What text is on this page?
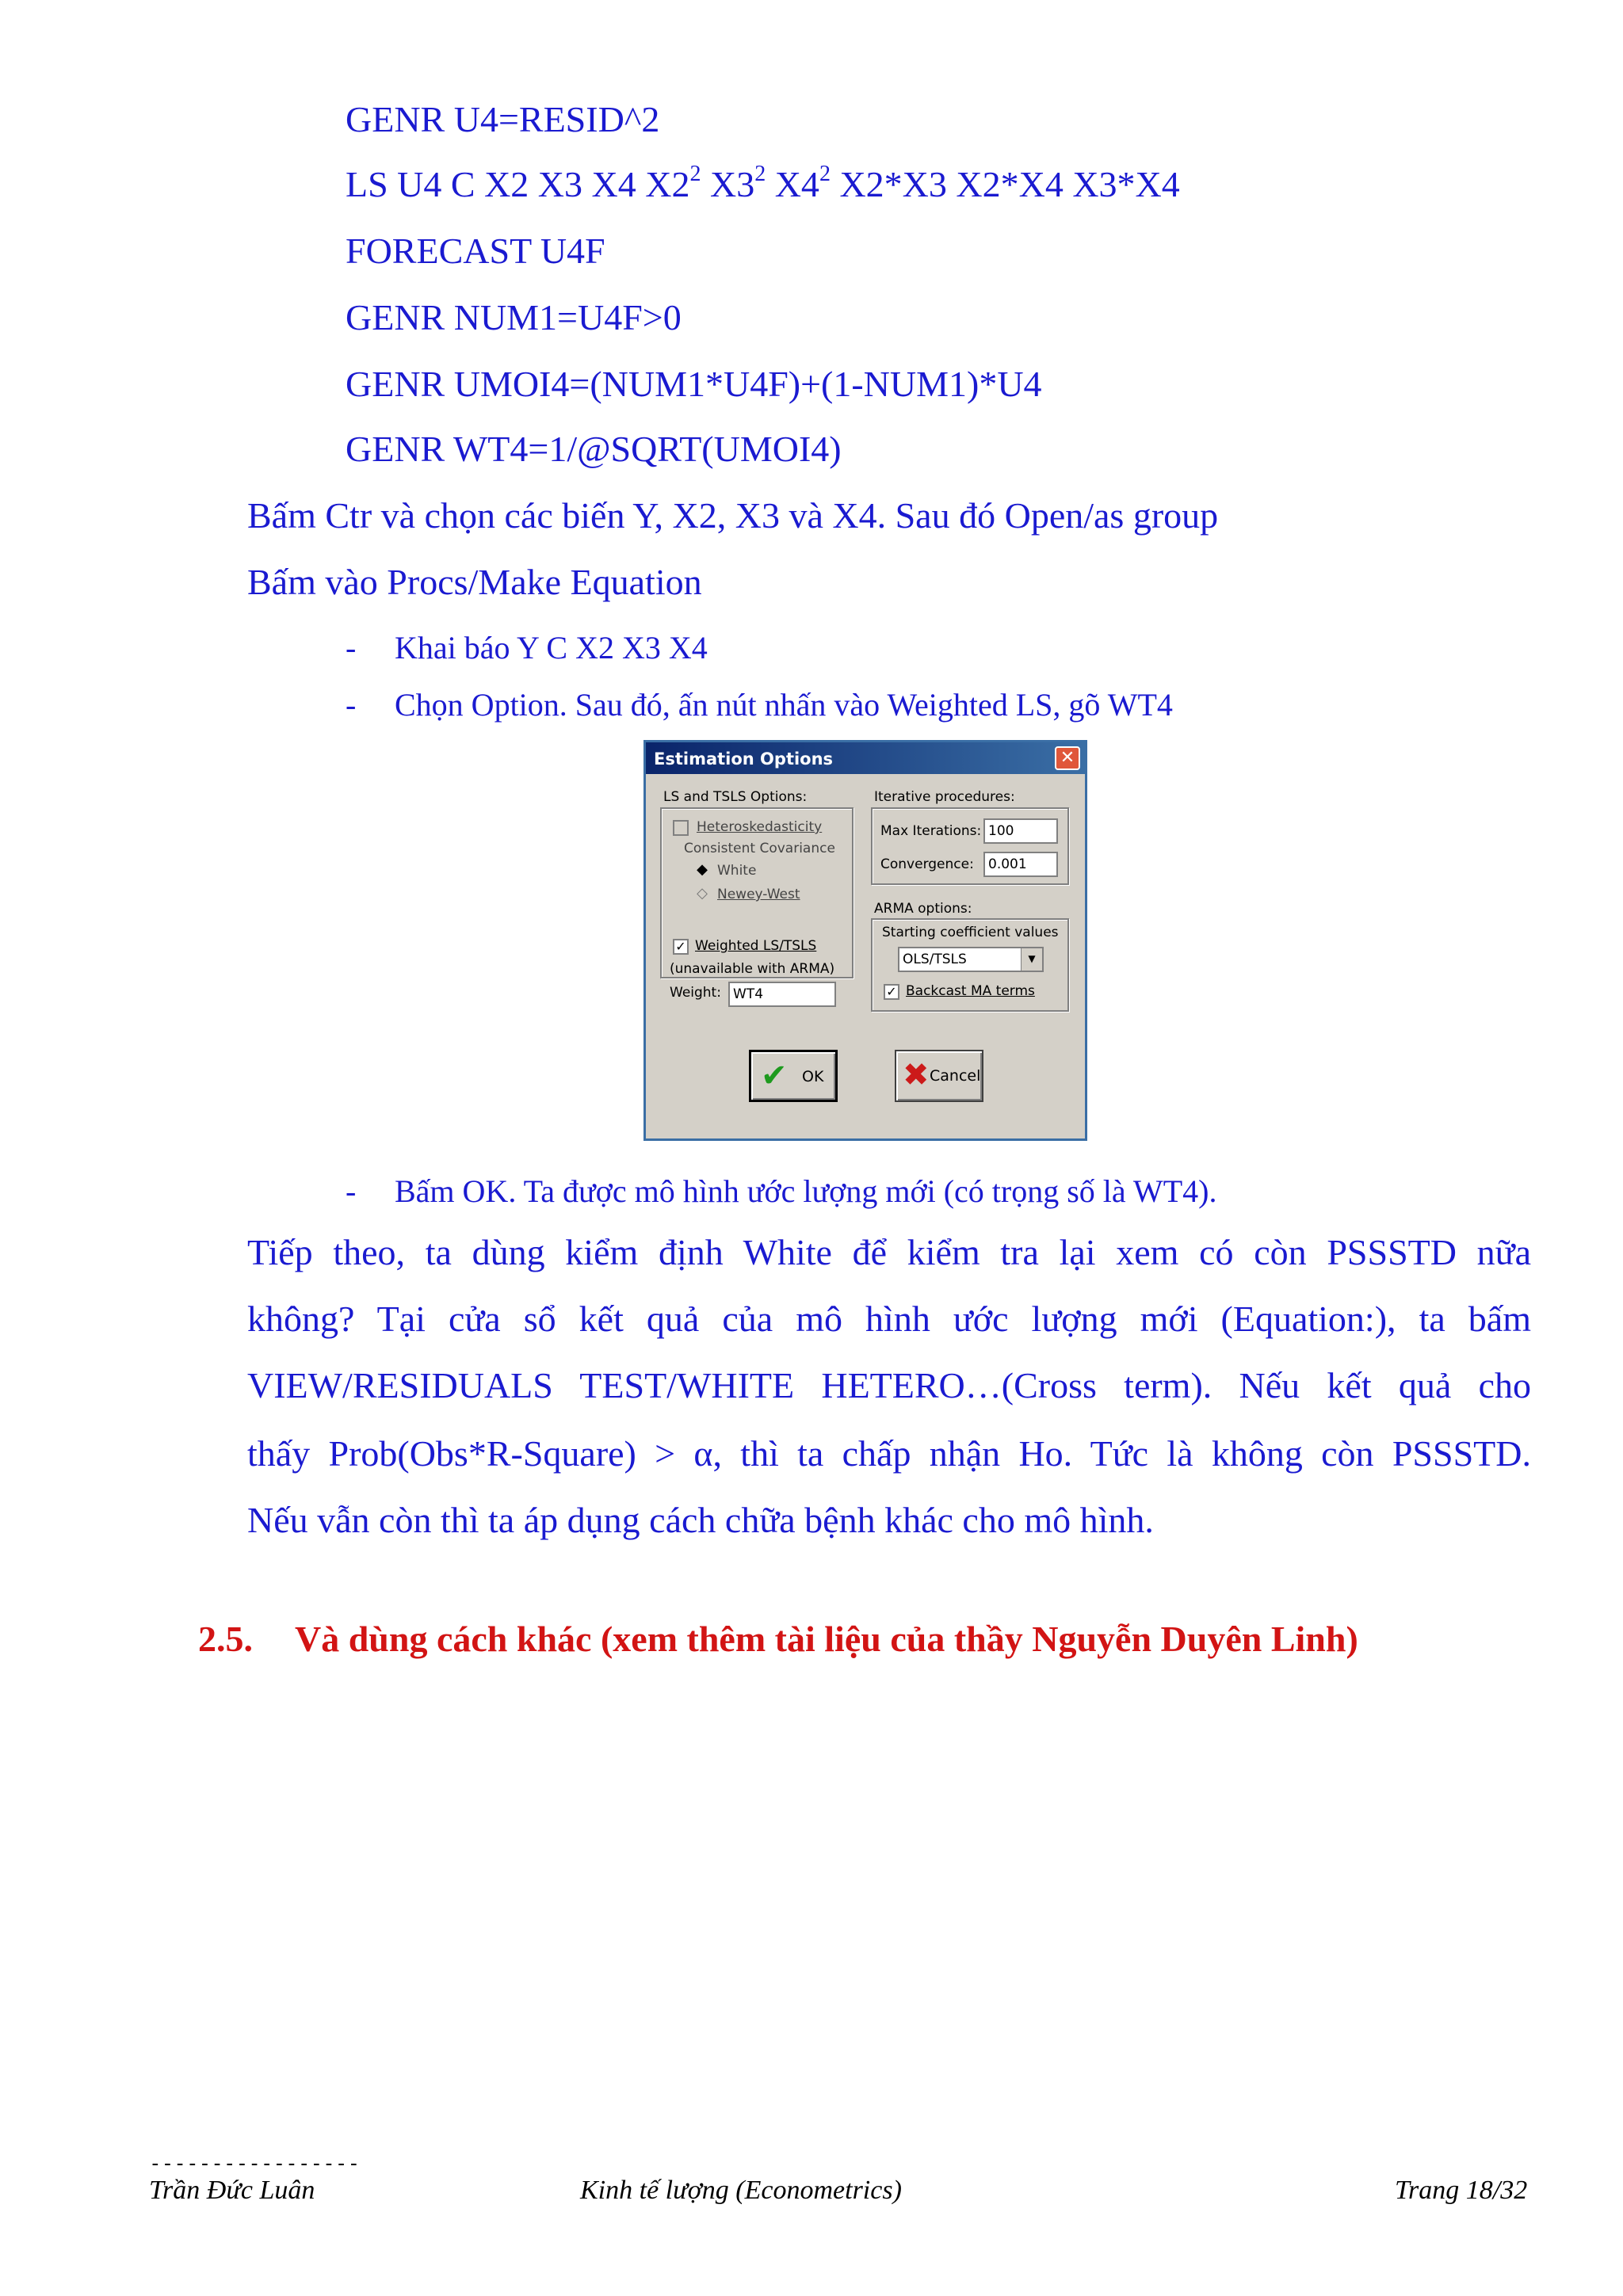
GENR U4=RESID^2
LS U4 C X2 X3 X4 $X2^2$ $X3^2$ $X4^2$ X2*X3 X2*X4 X3*X4
FORECAST U4F
GENR NUM1=U4F>0
GENR UMOI4=(NUM1*U4F)+(1-NUM1)*U4
GENR WT4=1/@SQRT(UMOI4)
Bấm Ctr và chọn các biến Y, X2, X3 và X4. Sau đó Open/as group
Bấm vào Procs/Make Equation
- Khai báo Y C X2 X3 X4
- Chọn Option. Sau đó, ấn nút nhấn vào Weighted LS, gõ WT4
Estimation Options	✕
LS and TSLS Options:
Heteroskedasticity
Consistent Covariance
◆ White
◇ Newey-West
✓ Weighted LS/TSLS
(unavailable with ARMA)
Weight: WT4
Iterative procedures:
Max Iterations: 100
Convergence:	0.001
ARMA options:
Starting coefficient values
OLS/TSLS	▼
✓ Backcast MA terms
✔ OK ✖ Cancel
- Bấm OK. Ta được mô hình ước lượng mới (có trọng số là WT4).
Tiếp theo, ta dùng kiểm định White để kiểm tra lại xem có còn PSSSTD nữa
không? Tại cửa sổ kết quả của mô hình ước lượng mới (Equation:), ta bấm
VIEW/RESIDUALS TEST/WHITE HETERO…(Cross term). Nếu kết quả cho
thấy Prob(Obs*R-Square) > α, thì ta chấp nhận Ho. Tức là không còn PSSSTD.
Nếu vẫn còn thì ta áp dụng cách chữa bệnh khác cho mô hình.
2.5. Và dùng cách khác (xem thêm tài liệu của thầy Nguyễn Duyên Linh)
-----------------
Trần Đức Luân	Kinh tế lượng (Econometrics)	Trang 18/32
